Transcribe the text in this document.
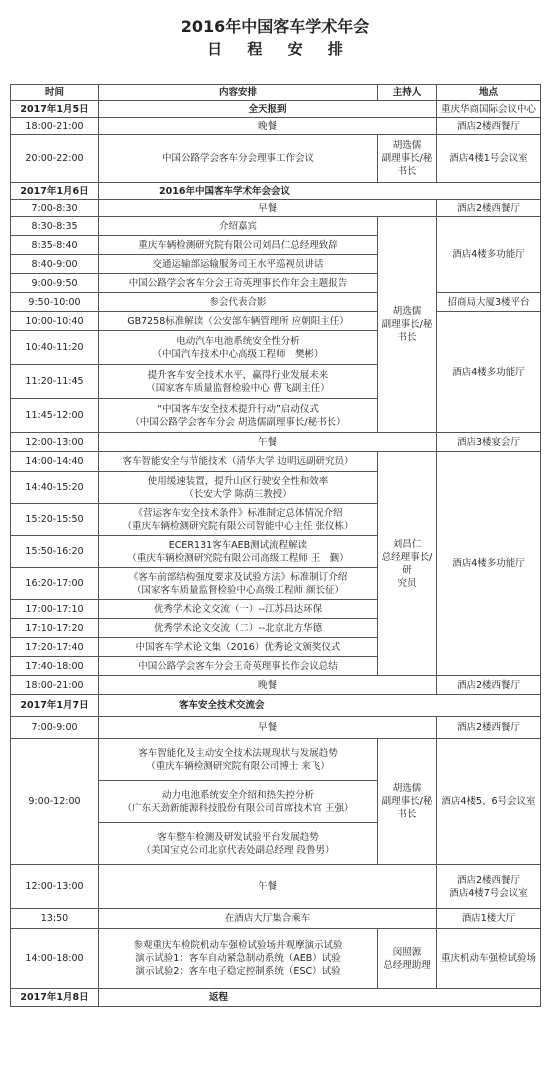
2016年中国客车学术年会
日 程 安 排
时间	内容安排	主持人	地点
2017年1月5日	全天报到		重庆华商国际会议中心
18:00-21:00	晚餐		酒店2楼西餐厅
20:00-22:00	中国公路学会客车分会理事工作会议	胡选儒
副理事长/秘
书长	酒店4楼1号会议室
2017年1月6日	2016年中国客车学术年会会议		
7:00-8:30	早餐		酒店2楼西餐厅
8:30-8:35	介绍嘉宾	胡选儒
副理事长/秘
书长	酒店4楼多功能厅
8:35-8:40	重庆车辆检测研究院有限公司刘昌仁总经理致辞		
8:40-9:00	交通运输部运输服务司王水平巡视员讲话		
9:00-9:50	中国公路学会客车分会王奇英理事长作年会主题报告		
9:50-10:00	参会代表合影		招商局大厦3楼平台
10:00-10:40	GB7258标准解读（公安部车辆管理所 应朝阳主任）		酒店4楼多功能厅
10:40-11:20	电动汽车电池系统安全性分析
（中国汽车技术中心高级工程师　樊彬）		

11:20-11:45	提升客车安全技术水平，赢得行业发展未来
（国家客车质量监督检验中心 曹飞副主任）		

11:45-12:00	“中国客车安全技术提升行动”启动仪式
（中国公路学会客车分会 胡选儒副理事长/秘书长）		

12:00-13:00	午餐		酒店3楼宴会厅
14:00-14:40	客车智能安全与节能技术（清华大学 边明远副研究员）	刘昌仁
总经理事长/研
究员	酒店4楼多功能厅
14:40-15:20	使用缓速装置，提升山区行驶安全性和效率
（长安大学 陈荫三教授）		

15:20-15:50	《营运客车安全技术条件》标准制定总体情况介绍
（重庆车辆检测研究院有限公司智能中心主任 张仪栋）		

15:50-16:20	ECER131客车AEB测试流程解读
（重庆车辆检测研究院有限公司高级工程师 王　觐）		

16:20-17:00	《客车前部结构强度要求及试验方法》标准制订介绍
（国家客车质量监督检验中心高级工程师 颜长征）		

17:00-17:10	优秀学术论文交流（一）--江苏昌达环保		
17:10-17:20	优秀学术论文交流（二）--北京北方华德		
17:20-17:40	中国客车学术论文集（2016）优秀论文颁奖仪式		
17:40-18:00	中国公路学会客车分会王奇英理事长作会议总结		
18:00-21:00	晚餐		酒店2楼西餐厅
2017年1月7日	客车安全技术交流会		
7:00-9:00	早餐		酒店2楼西餐厅
9:00-12:00	客车智能化及主动安全技术法规现状与发展趋势
（重庆车辆检测研究院有限公司博士 来飞）	胡选儒
副理事长/秘
书长	酒店4楼5、6号会议室

	动力电池系统安全介绍和热失控分析
（广东天劲新能源科技股份有限公司首席技术官 王强）		

	客车整车检测及研发试验平台发展趋势
（美国宝克公司北京代表处副总经理 段鲁男）		

12:00-13:00	午餐		酒店2楼西餐厅
酒店4楼7号会议室

13:50	在酒店大厅集合乘车		酒店1楼大厅
14:00-18:00	参观重庆车检院机动车强检试验场并观摩演示试验
演示试验1：客车自动紧急制动系统（AEB）试验
演示试验2：客车电子稳定控制系统（ESC）试验	闵照源
总经理助理	重庆机动车强检试验场
2017年1月8日	返程		
